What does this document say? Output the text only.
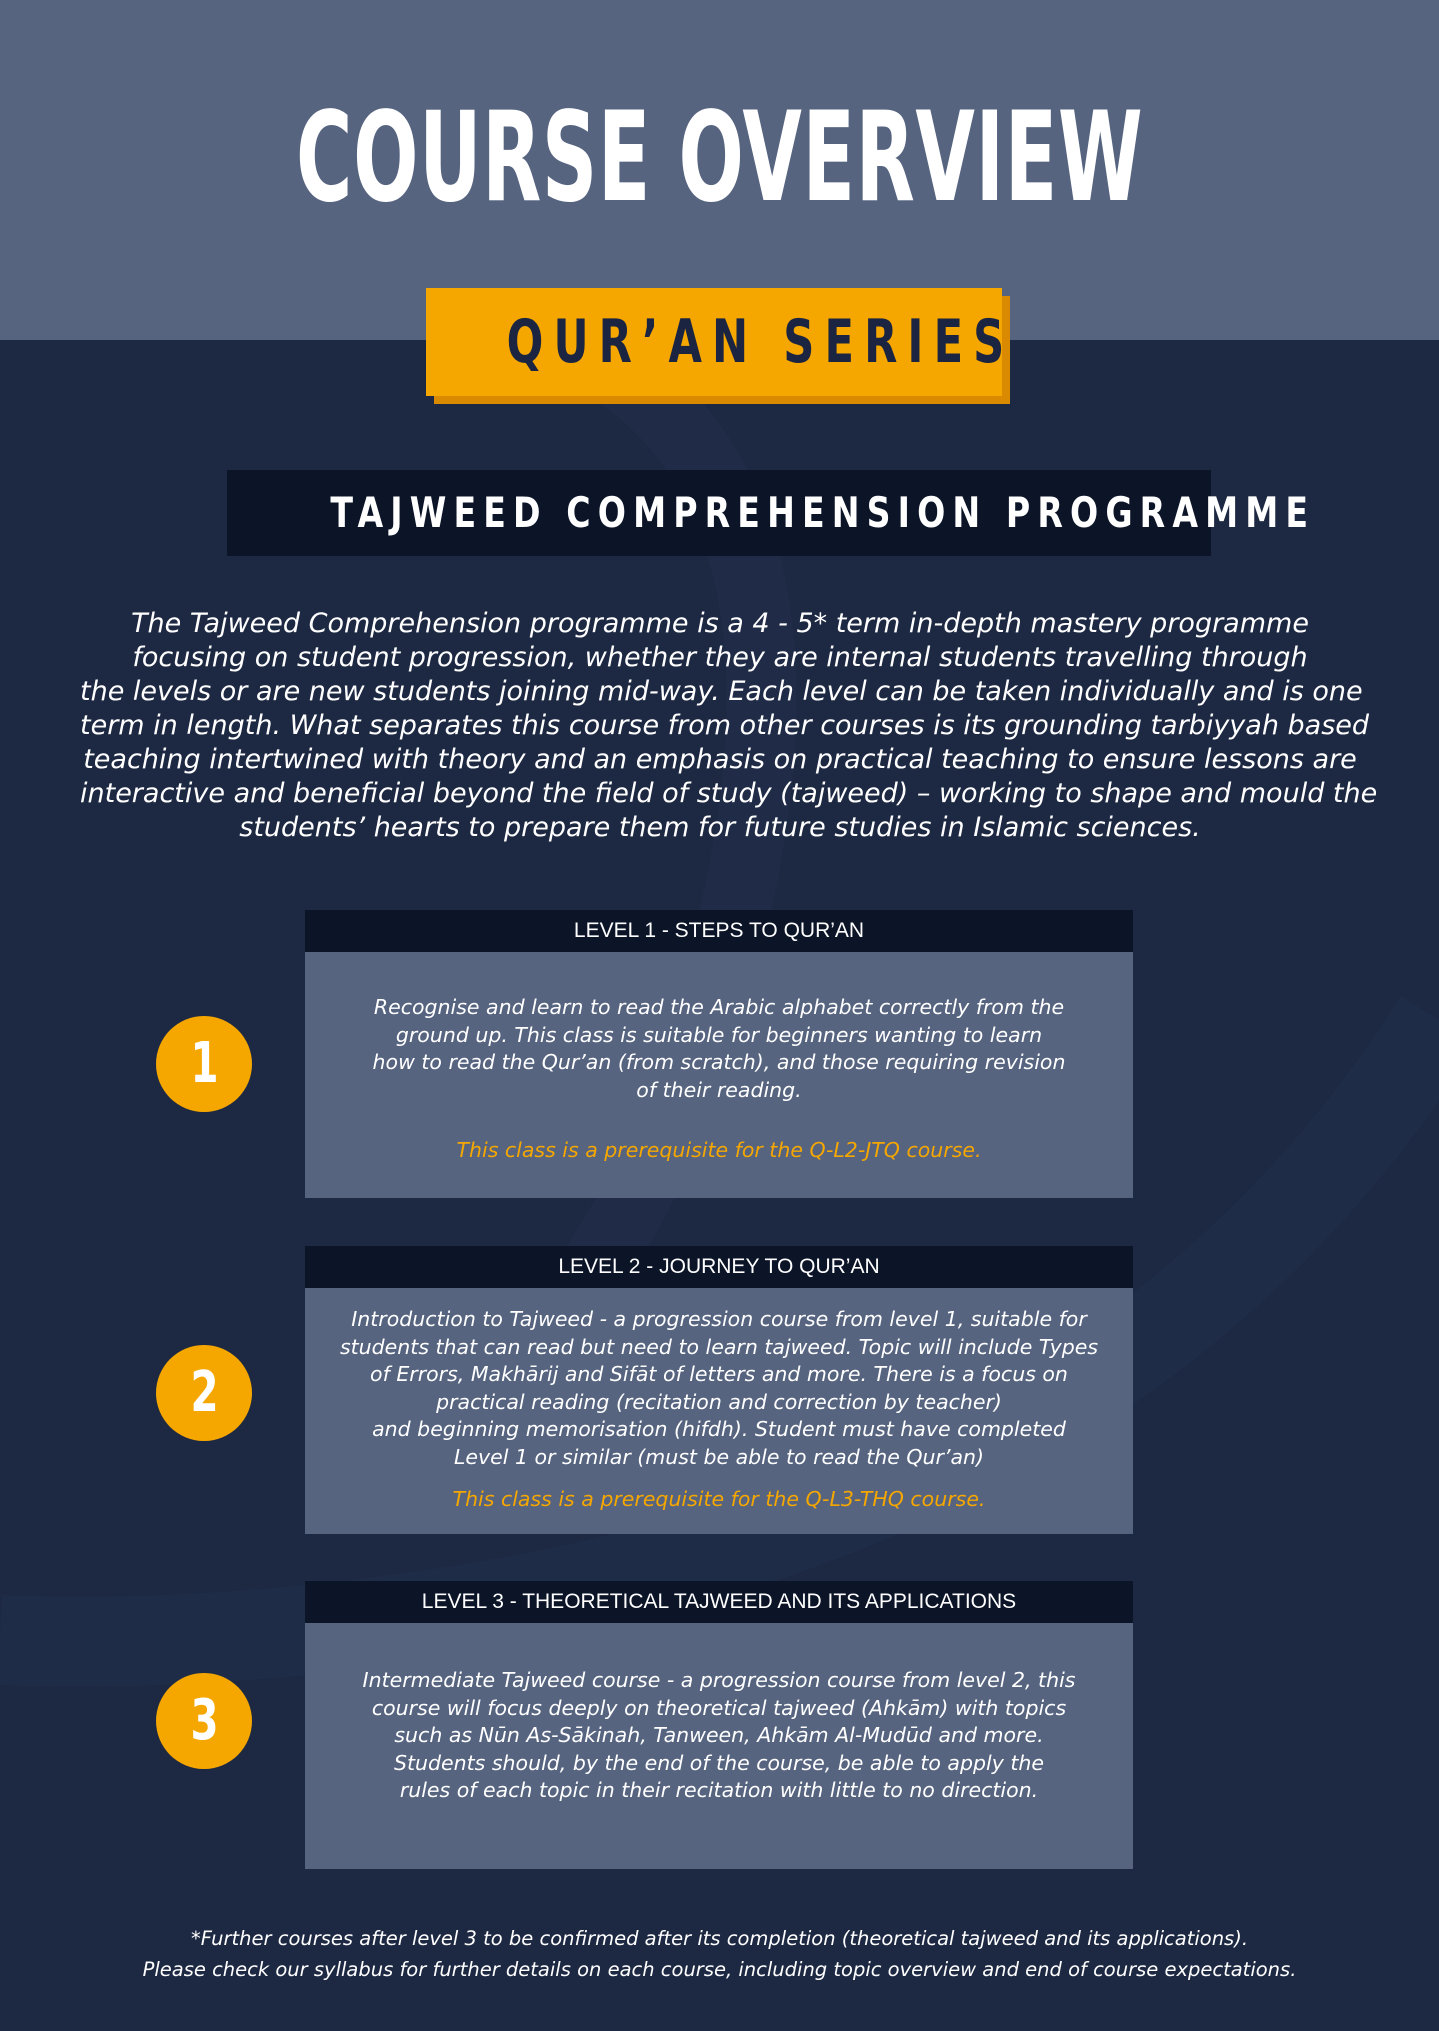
COURSE OVERVIEW
QUR’AN SERIES
TAJWEED COMPREHENSION PROGRAMME
The Tajweed Comprehension programme is a 4 - 5* term in-depth mastery programme
focusing on student progression, whether they are internal students travelling through
the levels or are new students joining mid-way. Each level can be taken individually and is one
term in length. What separates this course from other courses is its grounding tarbiyyah based
teaching intertwined with theory and an emphasis on practical teaching to ensure lessons are
interactive and beneficial beyond the field of study (tajweed) – working to shape and mould the
students’ hearts to prepare them for future studies in Islamic sciences.
1
LEVEL 1 - STEPS TO QUR’AN
Recognise and learn to read the Arabic alphabet correctly from the
ground up. This class is suitable for beginners wanting to learn
how to read the Qur’an (from scratch), and those requiring revision
of their reading.
This class is a prerequisite for the Q-L2-JTQ course.
2
LEVEL 2 - JOURNEY TO QUR’AN
Introduction to Tajweed - a progression course from level 1, suitable for
students that can read but need to learn tajweed. Topic will include Types
of Errors, Makhārij and Sifāt of letters and more. There is a focus on
practical reading (recitation and correction by teacher)
and beginning memorisation (hifdh). Student must have completed
Level 1 or similar (must be able to read the Qur’an)
This class is a prerequisite for the Q-L3-THQ course.
3
LEVEL 3 - THEORETICAL TAJWEED AND ITS APPLICATIONS
Intermediate Tajweed course - a progression course from level 2, this
course will focus deeply on theoretical tajweed (Ahkām) with topics
such as Nūn As-Sākinah, Tanween, Ahkām Al-Mudūd and more.
Students should, by the end of the course, be able to apply the
rules of each topic in their recitation with little to no direction.
*Further courses after level 3 to be confirmed after its completion (theoretical tajweed and its applications).
Please check our syllabus for further details on each course, including topic overview and end of course expectations.
